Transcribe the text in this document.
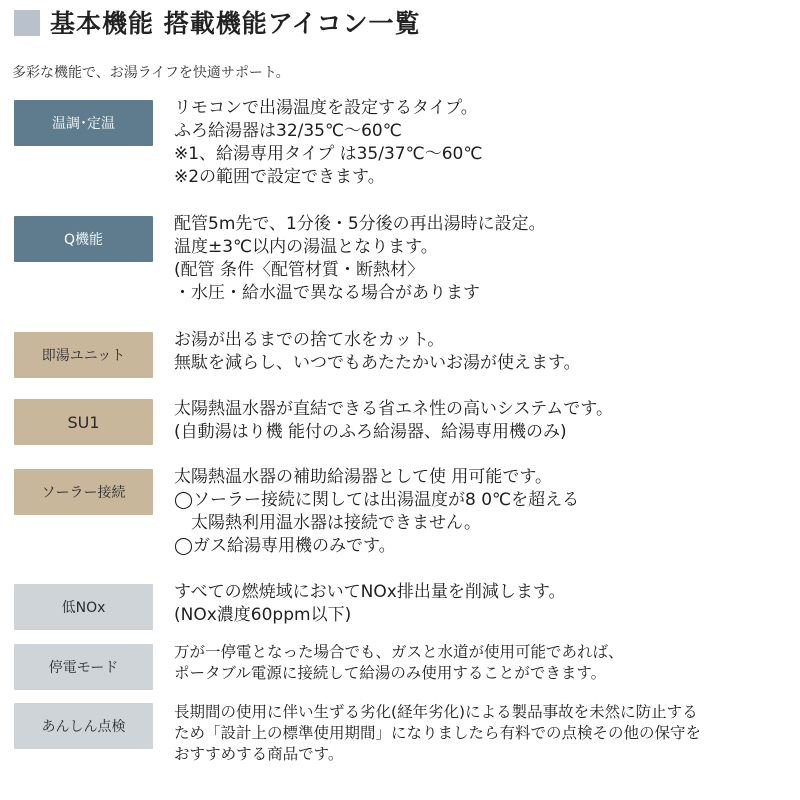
基本機能 搭載機能アイコン一覧
多彩な機能で、お湯ライフを快適サポート。
温調･定温
リモコンで出湯温度を設定するタイプ。
ふろ給湯器は32/35℃～60℃
※1、給湯専用タイプ は35/37℃～60℃
※2の範囲で設定できます。
Q機能
配管5m先で、1分後・5分後の再出湯時に設定。
温度±3℃以内の湯温となります。
(配管 条件〈配管材質・断熱材〉
・水圧・給水温で異なる場合があります
即湯ユニット
お湯が出るまでの捨て水をカット。
無駄を減らし、いつでもあたたかいお湯が使えます。
SU1
太陽熱温水器が直結できる省エネ性の高いシステムです。
(自動湯はり機 能付のふろ給湯器、給湯専用機のみ)
ソーラー接続
太陽熱温水器の補助給湯器として使 用可能です。
◯ソーラー接続に関しては出湯温度が8 0℃を超える
　太陽熱利用温水器は接続できません。
◯ガス給湯専用機のみです。
低NOx
すべての燃焼域においてNOx排出量を削減します。
(NOx濃度60ppm以下)
停電モード
万が一停電となった場合でも、ガスと水道が使用可能であれば、
ポータブル電源に接続して給湯のみ使用することができます。
あんしん点検
長期間の使用に伴い生ずる劣化(経年劣化)による製品事故を未然に防止する
ため「設計上の標準使用期間」になりましたら有料での点検その他の保守を
おすすめする商品です。
